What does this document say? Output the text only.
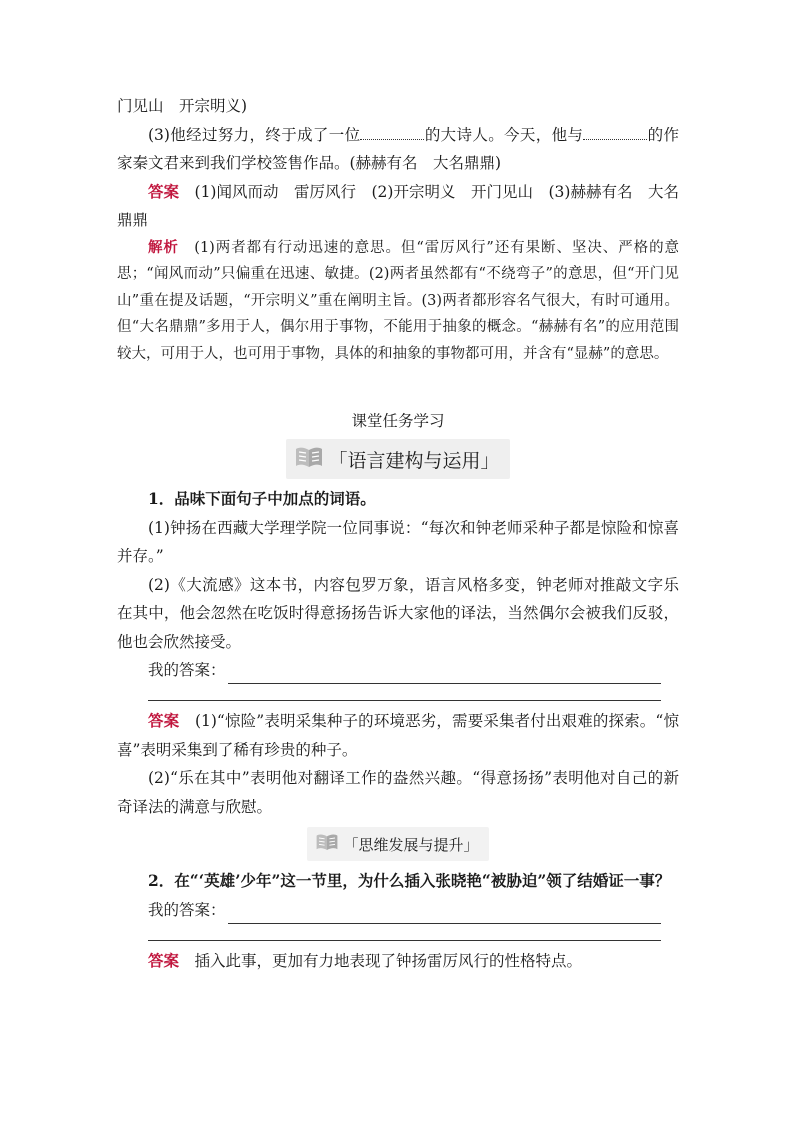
门见山　开宗明义)

(3)他经过努力，终于成了一位	的大诗人。今天，他与	的作家秦文君来到我们学校签售作品。(赫赫有名　大名鼎鼎)

答案　(1)闻风而动　雷厉风行　(2)开宗明义　开门见山　(3)赫赫有名　大名鼎鼎

解析　(1)两者都有行动迅速的意思。但“雷厉风行”还有果断、坚决、严格的意思；“闻风而动”只偏重在迅速、敏捷。(2)两者虽然都有“不绕弯子”的意思，但“开门见山”重在提及话题，“开宗明义”重在阐明主旨。(3)两者都形容名气很大，有时可通用。但“大名鼎鼎”多用于人，偶尔用于事物，不能用于抽象的概念。“赫赫有名”的应用范围较大，可用于人，也可用于事物，具体的和抽象的事物都可用，并含有“显赫”的意思。

课堂任务学习

「语言建构与运用」

1．品味下面句子中加点的词语。

(1)钟扬在西藏大学理学院一位同事说：“每次和钟老师采种子都是惊险和惊喜并存。”

(2)《大流感》这本书，内容包罗万象，语言风格多变，钟老师对推敲文字乐在其中，他会忽然在吃饭时得意扬扬告诉大家他的译法，当然偶尔会被我们反驳，他也会欣然接受。

我的答案：

答案　(1)“惊险”表明采集种子的环境恶劣，需要采集者付出艰难的探索。“惊喜”表明采集到了稀有珍贵的种子。

(2)“乐在其中”表明他对翻译工作的盎然兴趣。“得意扬扬”表明他对自己的新奇译法的满意与欣慰。

「思维发展与提升」

2．在“‘英雄’少年”这一节里，为什么插入张晓艳“被胁迫”领了结婚证一事？

我的答案：

答案　插入此事，更加有力地表现了钟扬雷厉风行的性格特点。
